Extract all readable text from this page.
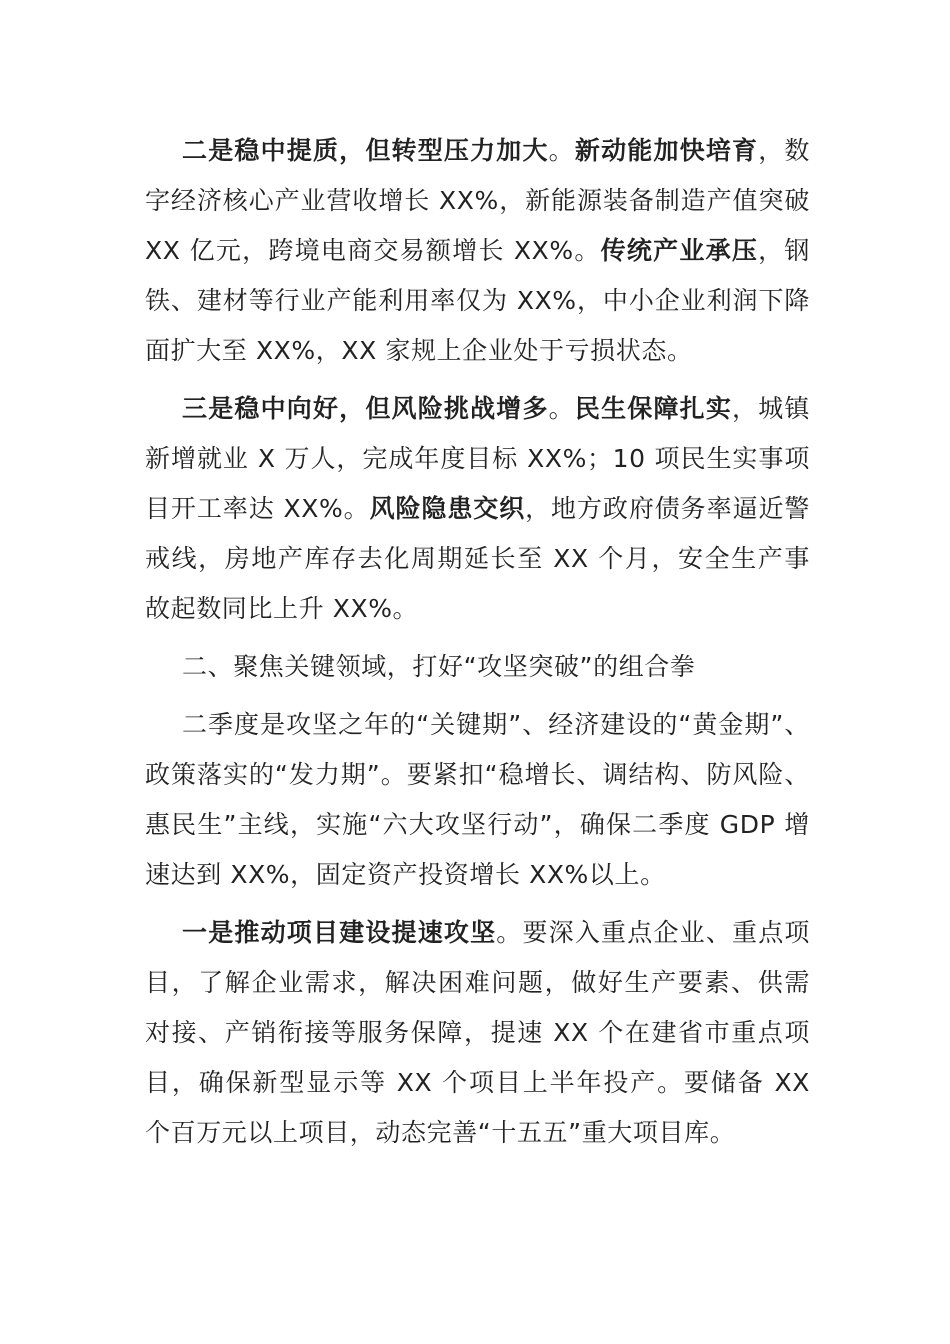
二是稳中提质，但转型压力加大。新动能加快培育，数字经济核心产业营收增长 XX%，新能源装备制造产值突破 XX 亿元，跨境电商交易额增长 XX%。传统产业承压，钢铁、建材等行业产能利用率仅为 XX%，中小企业利润下降面扩大至 XX%，XX 家规上企业处于亏损状态。

三是稳中向好，但风险挑战增多。民生保障扎实，城镇新增就业 X 万人，完成年度目标 XX%；10 项民生实事项目开工率达 XX%。风险隐患交织，地方政府债务率逼近警戒线，房地产库存去化周期延长至 XX 个月，安全生产事故起数同比上升 XX%。

二、聚焦关键领域，打好“攻坚突破”的组合拳

二季度是攻坚之年的“关键期”、经济建设的“黄金期”、政策落实的“发力期”。要紧扣“稳增长、调结构、防风险、惠民生”主线，实施“六大攻坚行动”，确保二季度 GDP 增速达到 XX%，固定资产投资增长 XX%以上。

一是推动项目建设提速攻坚。要深入重点企业、重点项目，了解企业需求，解决困难问题，做好生产要素、供需对接、产销衔接等服务保障，提速 XX 个在建省市重点项目，确保新型显示等 XX 个项目上半年投产。要储备 XX 个百万元以上项目，动态完善“十五五”重大项目库。
